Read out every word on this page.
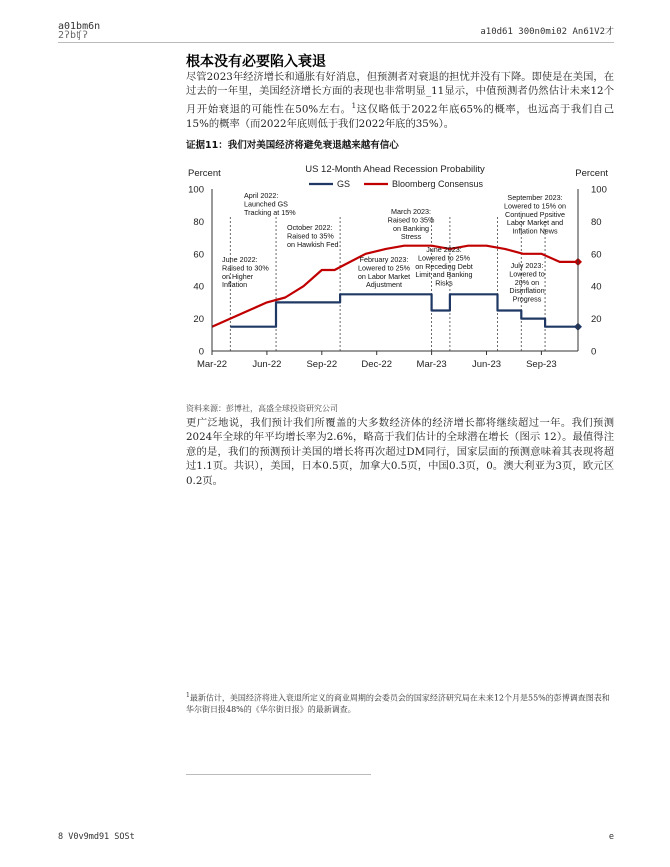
a01bm6n
2ʔbʧʔ	a10d61 300n0mi02 An61V2才
根本没有必要陷入衰退
尽管2023年经济增长和通胀有好消息，但预测者对衰退的担忧并没有下降。即使是在美国，在过去的一年里，美国经济增长方面的表现也非常明显_11显示，中值预测者仍然估计未来12个月开始衰退的可能性在50%左右。$^1$这仅略低于2022年底65%的概率，也远高于我们自己15%的概率（而2022年底则低于我们2022年底的35%）。
证据11：我们对美国经济将避免衰退越来越有信心
US 12-Month Ahead Recession Probability
Percent	Percent
GS	Bloomberg Consensus
100
80
60
40
20
0
100
80
60
40
20
0
Mar-22	Jun-22	Sep-22	Dec-22	Mar-23	Jun-23	Sep-23
April 2022: Launched GS Tracking at 15%
June 2022: Raised to 30% on Higher Inflation
October 2022: Raised to 35% on Hawkish Fed
February 2023: Lowered to 25% on Labor Market Adjustment
March 2023: Raised to 35% on Banking Stress
June 2023: Lowered to 25% on Receding Debt Limit and Banking Risks
July 2023: Lowered to 20% on Disinflation Progress
September 2023: Lowered to 15% on Continued Positive Labor Market and Inflation News
资料来源：彭博社，高盛全球投资研究公司
更广泛地说，我们预计我们所覆盖的大多数经济体的经济增长都将继续超过一年。我们预测2024年全球的年平均增长率为2.6%，略高于我们估计的全球潜在增长（图示 12）。最值得注意的是，我们的预测预计美国的增长将再次超过DM同行，国家层面的预测意味着其表现将超过1.1页。共识），美国，日本0.5页，加拿大0.5页，中国0.3页，0。澳大利亚为3页，欧元区0.2页。
$^1$最新估计，美国经济将进入衰退所定义的商业周期的会委员会的国家经济研究局在未来12个月是55%的彭博调查图表和华尔街日报48%的《华尔街日报》的最新调查。
8 V0v9md91 SOSt	e
